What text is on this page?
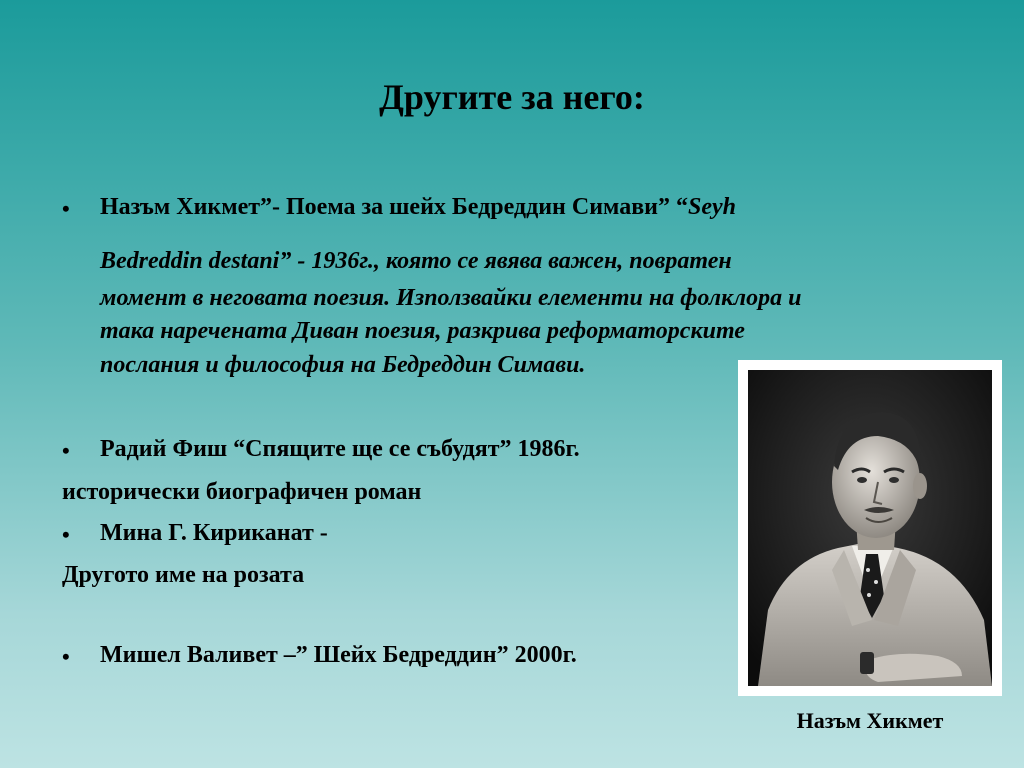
Другите за него:
• Назъм Хикмет”- Поема за шейх Бедреддин Симави” “Seyh
Bedreddin destani” - 1936г., която се явява важен, повратен
момент в неговата поезия. Използвайки елементи на фолклора и
така наречената Диван поезия, разкрива реформаторските
послания и философия на Бедреддин Симави.
• Радий Фиш “Спящите ще се събудят” 1986г.
исторически биографичен роман
• Мина Г. Кириканат -
Другото име на розата
• Мишел Валивет –” Шейх Бедреддин” 2000г.
Назъм Хикмет
